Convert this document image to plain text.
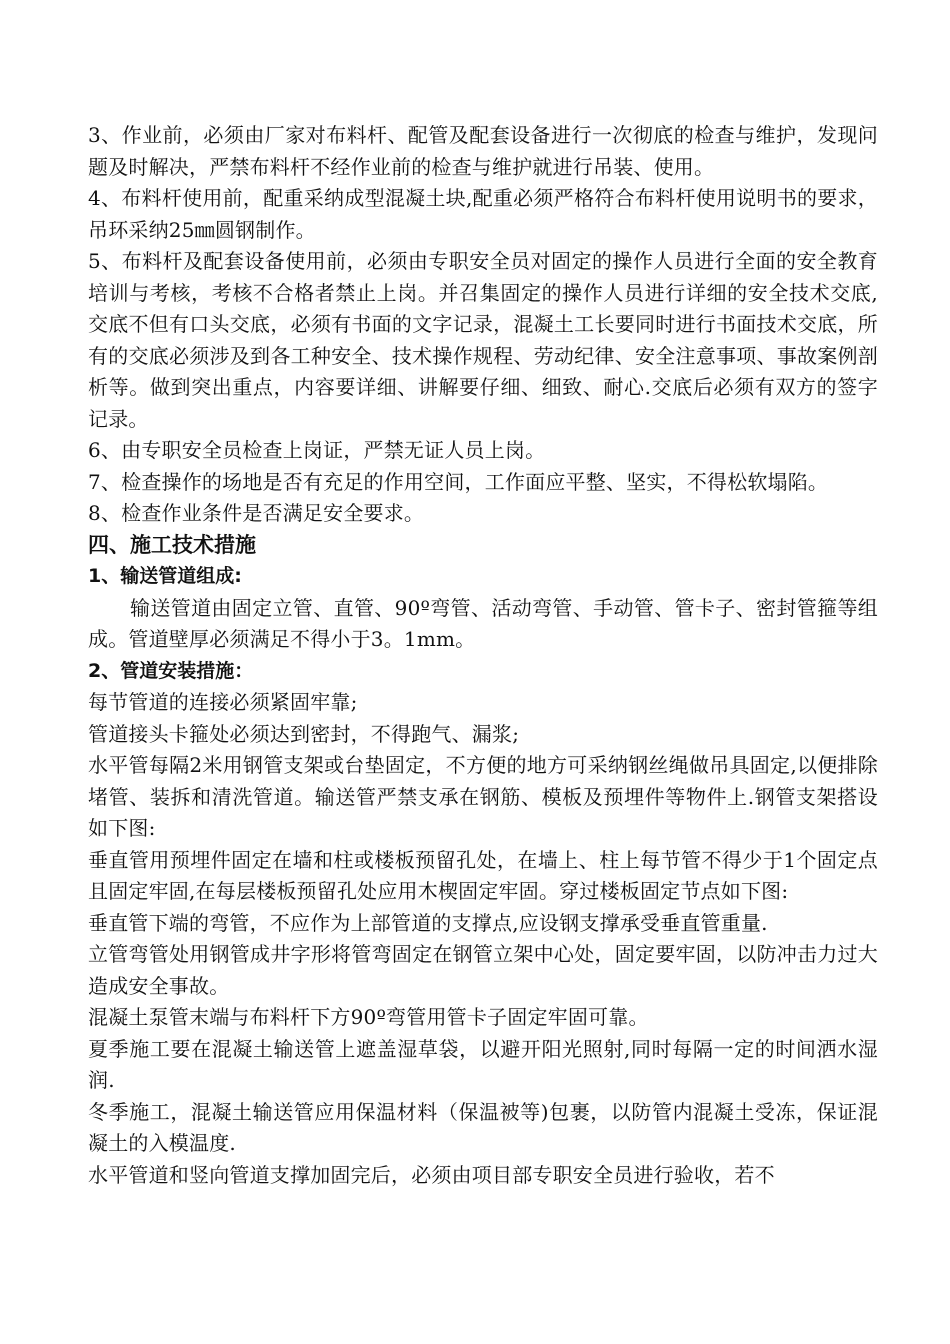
3、作业前，必须由厂家对布料杆、配管及配套设备进行一次彻底的检查与维护，发现问题及时解决，严禁布料杆不经作业前的检查与维护就进行吊装、使用。

4、布料杆使用前，配重采纳成型混凝土块,配重必须严格符合布料杆使用说明书的要求，吊环采纳25㎜圆钢制作。

5、布料杆及配套设备使用前，必须由专职安全员对固定的操作人员进行全面的安全教育培训与考核，考核不合格者禁止上岗。并召集固定的操作人员进行详细的安全技术交底,交底不但有口头交底，必须有书面的文字记录，混凝土工长要同时进行书面技术交底，所有的交底必须涉及到各工种安全、技术操作规程、劳动纪律、安全注意事项、事故案例剖析等。做到突出重点，内容要详细、讲解要仔细、细致、耐心.交底后必须有双方的签字记录。

6、由专职安全员检查上岗证，严禁无证人员上岗。

7、检查操作的场地是否有充足的作用空间，工作面应平整、坚实，不得松软塌陷。

8、检查作业条件是否满足安全要求。

四、施工技术措施
1、输送管道组成:

输送管道由固定立管、直管、90º弯管、活动弯管、手动管、管卡子、密封管箍等组成。管道壁厚必须满足不得小于3。1mm。

2、管道安装措施：

每节管道的连接必须紧固牢靠;

管道接头卡箍处必须达到密封，不得跑气、漏浆;

水平管每隔2米用钢管支架或台垫固定，不方便的地方可采纳钢丝绳做吊具固定,以便排除堵管、装拆和清洗管道。输送管严禁支承在钢筋、模板及预埋件等物件上.钢管支架搭设如下图:

垂直管用预埋件固定在墙和柱或楼板预留孔处，在墙上、柱上每节管不得少于1个固定点且固定牢固,在每层楼板预留孔处应用木楔固定牢固。穿过楼板固定节点如下图:

垂直管下端的弯管，不应作为上部管道的支撑点,应设钢支撑承受垂直管重量.

立管弯管处用钢管成井字形将管弯固定在钢管立架中心处，固定要牢固，以防冲击力过大造成安全事故。

混凝土泵管末端与布料杆下方90º弯管用管卡子固定牢固可靠。

夏季施工要在混凝土输送管上遮盖湿草袋，以避开阳光照射,同时每隔一定的时间洒水湿润.

冬季施工，混凝土输送管应用保温材料（保温被等)包裹，以防管内混凝土受冻，保证混凝土的入模温度.

水平管道和竖向管道支撑加固完后，必须由项目部专职安全员进行验收，若不
